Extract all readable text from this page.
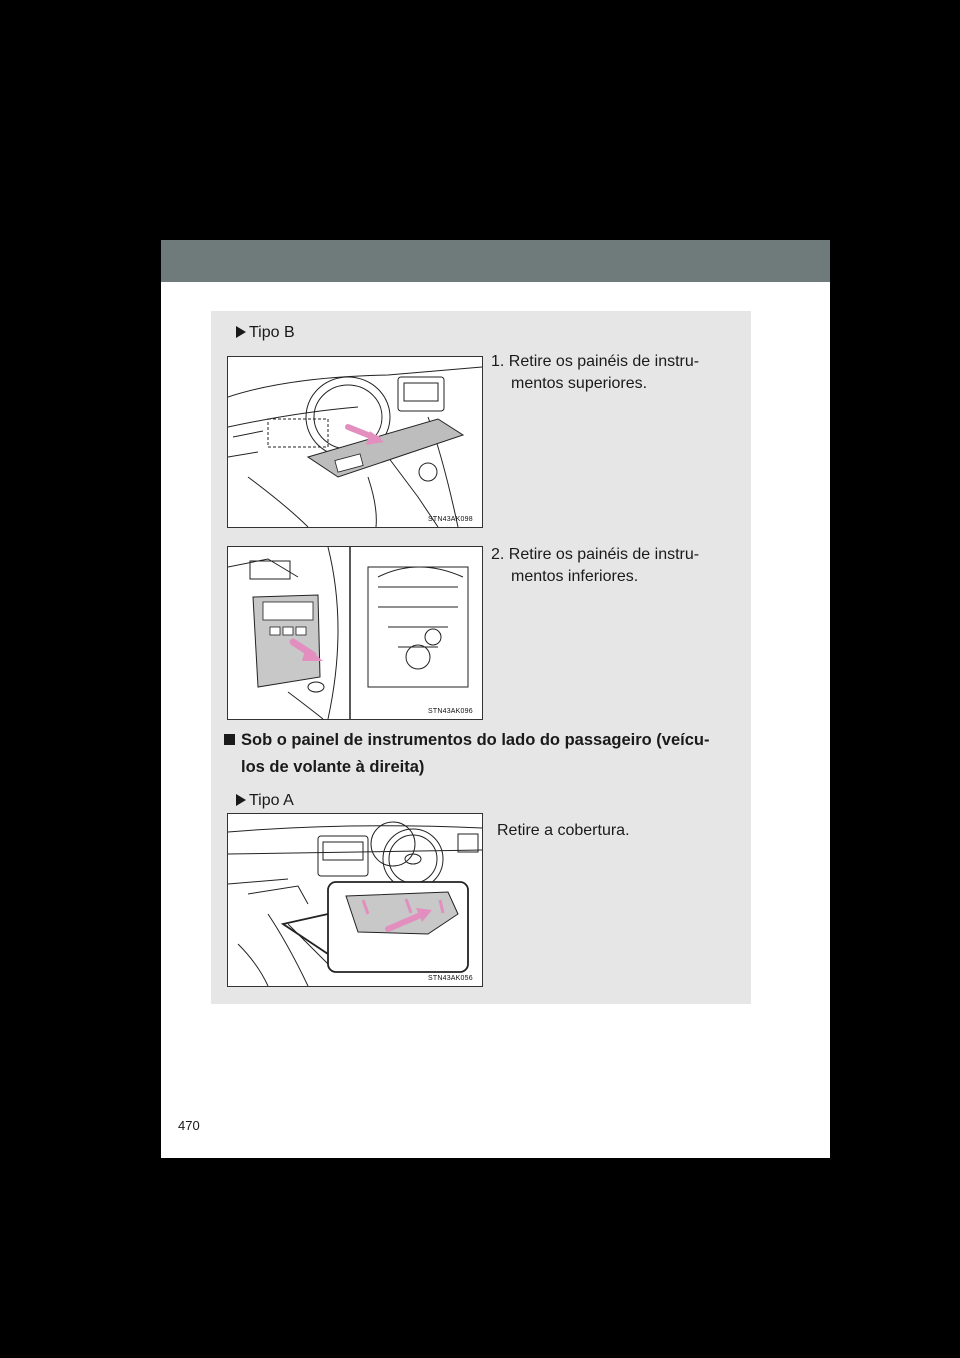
Tipo B
1. Retire os painéis de instru-
mentos superiores.
STN43AK098
2. Retire os painéis de instru-
mentos inferiores.
STN43AK096
Sob o painel de instrumentos do lado do passageiro (veícu-
los de volante à direita)
Tipo A
Retire a cobertura.
STN43AK056
470
